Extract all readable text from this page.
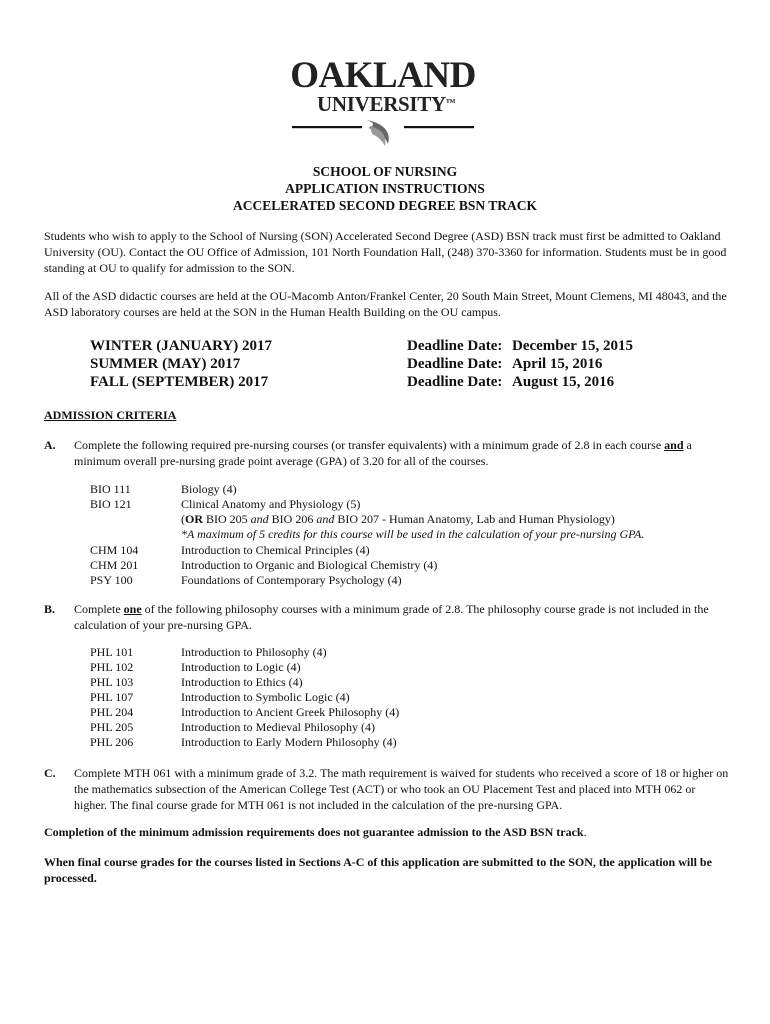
OAKLAND
UNIVERSITY™
SCHOOL OF NURSING
APPLICATION INSTRUCTIONS
ACCELERATED SECOND DEGREE BSN TRACK
Students who wish to apply to the School of Nursing (SON) Accelerated Second Degree (ASD) BSN track must first be admitted to Oakland University (OU). Contact the OU Office of Admission, 101 North Foundation Hall, (248) 370-3360 for information. Students must be in good standing at OU to qualify for admission to the SON.
All of the ASD didactic courses are held at the OU-Macomb Anton/Frankel Center, 20 South Main Street, Mount Clemens, MI 48043, and the ASD laboratory courses are held at the SON in the Human Health Building on the OU campus.
WINTER (JANUARY) 2017	Deadline Date: December 15, 2015
SUMMER (MAY) 2017	Deadline Date: April 15, 2016
FALL (SEPTEMBER) 2017	Deadline Date: August 15, 2016
ADMISSION CRITERIA
A. Complete the following required pre-nursing courses (or transfer equivalents) with a minimum grade of 2.8 in each course and a minimum overall pre-nursing grade point average (GPA) of 3.20 for all of the courses.
BIO 111	Biology (4)
BIO 121	Clinical Anatomy and Physiology (5)
(OR BIO 205 and BIO 206 and BIO 207 - Human Anatomy, Lab and Human Physiology)
*A maximum of 5 credits for this course will be used in the calculation of your pre-nursing GPA.
CHM 104	Introduction to Chemical Principles (4)
CHM 201	Introduction to Organic and Biological Chemistry (4)
PSY 100	Foundations of Contemporary Psychology (4)
B. Complete one of the following philosophy courses with a minimum grade of 2.8. The philosophy course grade is not included in the calculation of your pre-nursing GPA.
PHL 101	Introduction to Philosophy (4)
PHL 102	Introduction to Logic (4)
PHL 103	Introduction to Ethics (4)
PHL 107	Introduction to Symbolic Logic (4)
PHL 204	Introduction to Ancient Greek Philosophy (4)
PHL 205	Introduction to Medieval Philosophy (4)
PHL 206	Introduction to Early Modern Philosophy (4)
C. Complete MTH 061 with a minimum grade of 3.2. The math requirement is waived for students who received a score of 18 or higher on the mathematics subsection of the American College Test (ACT) or who took an OU Placement Test and placed into MTH 062 or higher. The final course grade for MTH 061 is not included in the calculation of the pre-nursing GPA.
Completion of the minimum admission requirements does not guarantee admission to the ASD BSN track.
When final course grades for the courses listed in Sections A-C of this application are submitted to the SON, the application will be processed.
